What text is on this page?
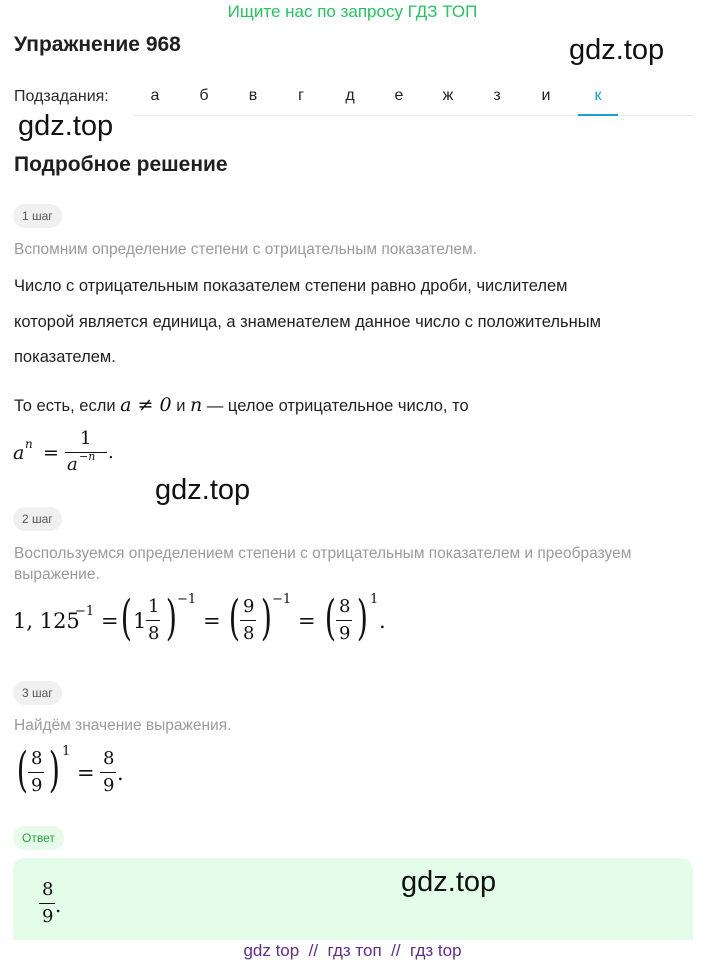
Ищите нас по запросу ГДЗ ТОП
Упражнение 968	gdz.top
Подзадания:	а	б	в	г	д	е	ж	з	и	к
gdz.top
Подробное решение
1 шаг
Вспомним определение степени с отрицательным показателем.
Число с отрицательным показателем степени равно дроби, числителем
которой является единица, а знаменателем данное число с положительным
показателем.
То есть, если a ≠ 0 и n — целое отрицательное число, то
a n =
1
a −n .
gdz.top
2 шаг
Воспользуемся определением степени с отрицательным показателем и преобразуем выражение.
1, 125
−1 = ( 1
1
8 ) −1
= ( 9
8 ) −1
= ( 8
9 ) 1
.
3 шаг
Найдём значение выражения.
( 8
9 ) 1
=
8
9
.
Ответ
8
9 .
gdz.top
gdz top  //  гдз топ  //  гдз top
